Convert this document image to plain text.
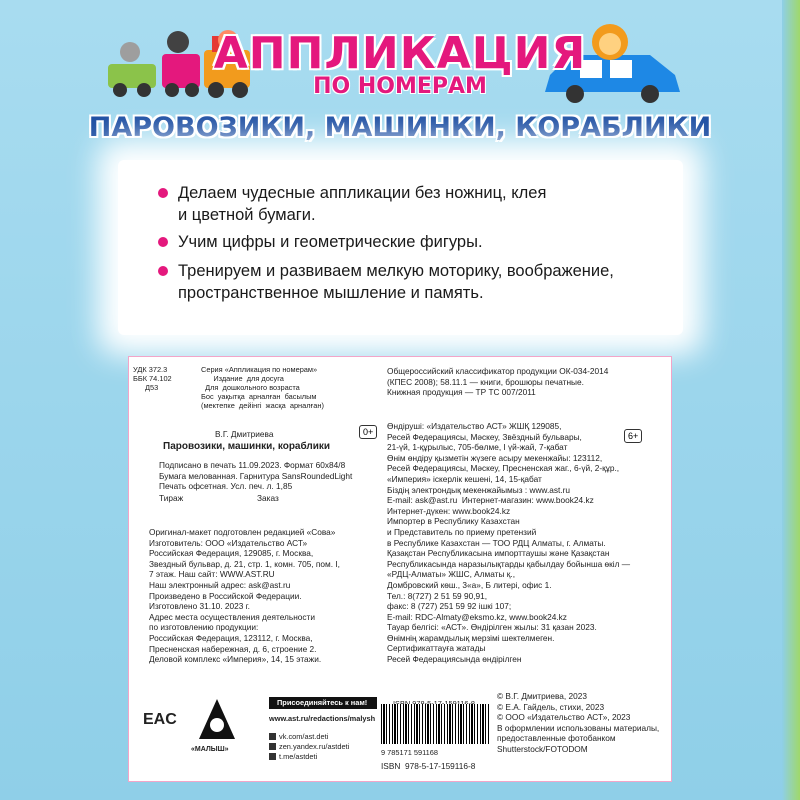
АППЛИКАЦИЯ
ПО НОМЕРАМ
ПАРОВОЗИКИ, МАШИНКИ, КОРАБЛИКИ
Делаем чудесные аппликации без ножниц, клея
и цветной бумаги.
Учим цифры и геометрические фигуры.
Тренируем и развиваем мелкую моторику, воображение,
пространственное мышление и память.
УДК 372.3
ББК 74.102
Д53
Серия «Аппликация по номерам»
Издание  для досуга
Для  дошкольного возраста
Бос  уақытқа  арналған  басылым
(мектепке  дейінгі  жасқа  арналған)
Общероссийский классификатор продукции ОК-034-2014
(КПЕС 2008); 58.11.1 — книги, брошюры печатные.
Книжная продукция — ТР ТС 007/2011
0+
В.Г. Дмитриева
Паровозики, машинки, кораблики
Подписано в печать 11.09.2023. Формат 60х84/8
Бумага мелованная. Гарнитура SansRoundedLight
Печать офсетная. Усл. печ. л. 1,85
Тираж	Заказ
Оригинал-макет подготовлен редакцией «Сова»
Изготовитель: ООО «Издательство АСТ»
Российская Федерация, 129085, г. Москва,
Звездный бульвар, д. 21, стр. 1, комн. 705, пом. I,
7 этаж. Наш сайт: WWW.AST.RU
Наш электронный адрес: ask@ast.ru
Произведено в Российской Федерации.
Изготовлено 31.10. 2023 г.
Адрес места осуществления деятельности
по изготовлению продукции:
Российская Федерация, 123112, г. Москва,
Пресненская набережная, д. 6, строение 2.
Деловой комплекс «Империя», 14, 15 этажи.
Өндіруші: «Издательство АСТ» ЖШҚ 129085,
Ресей Федерациясы, Мәскеу, Звёздный бульвары,
21-үй, 1-құрылыс, 705-бөлме, I үй-жай, 7-қабат
Өнім өндіру қызметін жүзеге асыру мекенжайы: 123112,
Ресей Федерациясы, Мәскеу, Пресненская жаг., 6-үй, 2-құр.,
«Империя» іскерлік кешені, 14, 15-қабат
Біздің электрондық мекенжайымыз : www.ast.ru
E-mail: ask@ast.ru  Интернет-магазин: www.book24.kz
Интернет-дүкен: www.book24.kz
Импортер в Республику Казахстан
и Представитель по приему претензий
в Республике Казахстан — ТОО РДЦ Алматы, г. Алматы.
Қазақстан Республикасына импорттаушы және Қазақстан
Республикасында наразылықтарды қабылдау бойынша өкіл —
«РДЦ-Алматы» ЖШС, Алматы қ.,
Домбровский көш., 3«а», Б литері, офис 1.
Тел.: 8(727) 2 51 59 90,91,
факс: 8 (727) 251 59 92 ішкі 107;
E-mail: RDC-Almaty@eksmo.kz, www.book24.kz
Тауар белгісі: «АСТ». Өндірілген жылы: 31 қазан 2023.
Өнімнің жарамдылық мерзімі шектелмеген.
Сертификаттауға жатады
Ресей Федерациясында өндірілген
6+
EAC
«МАЛЫШ»
Присоединяйтесь к нам!
www.ast.ru/redactions/malysh
vk.com/ast.deti
zen.yandex.ru/astdeti
t.me/astdeti	9 785171 591168
ISBN  978-5-17-159116-8
© В.Г. Дмитриева, 2023
© Е.А. Гайдель, стихи, 2023
© ООО «Издательство АСТ», 2023
В оформлении использованы материалы,
предоставленные фотобанком
Shutterstock/FOTODOM
